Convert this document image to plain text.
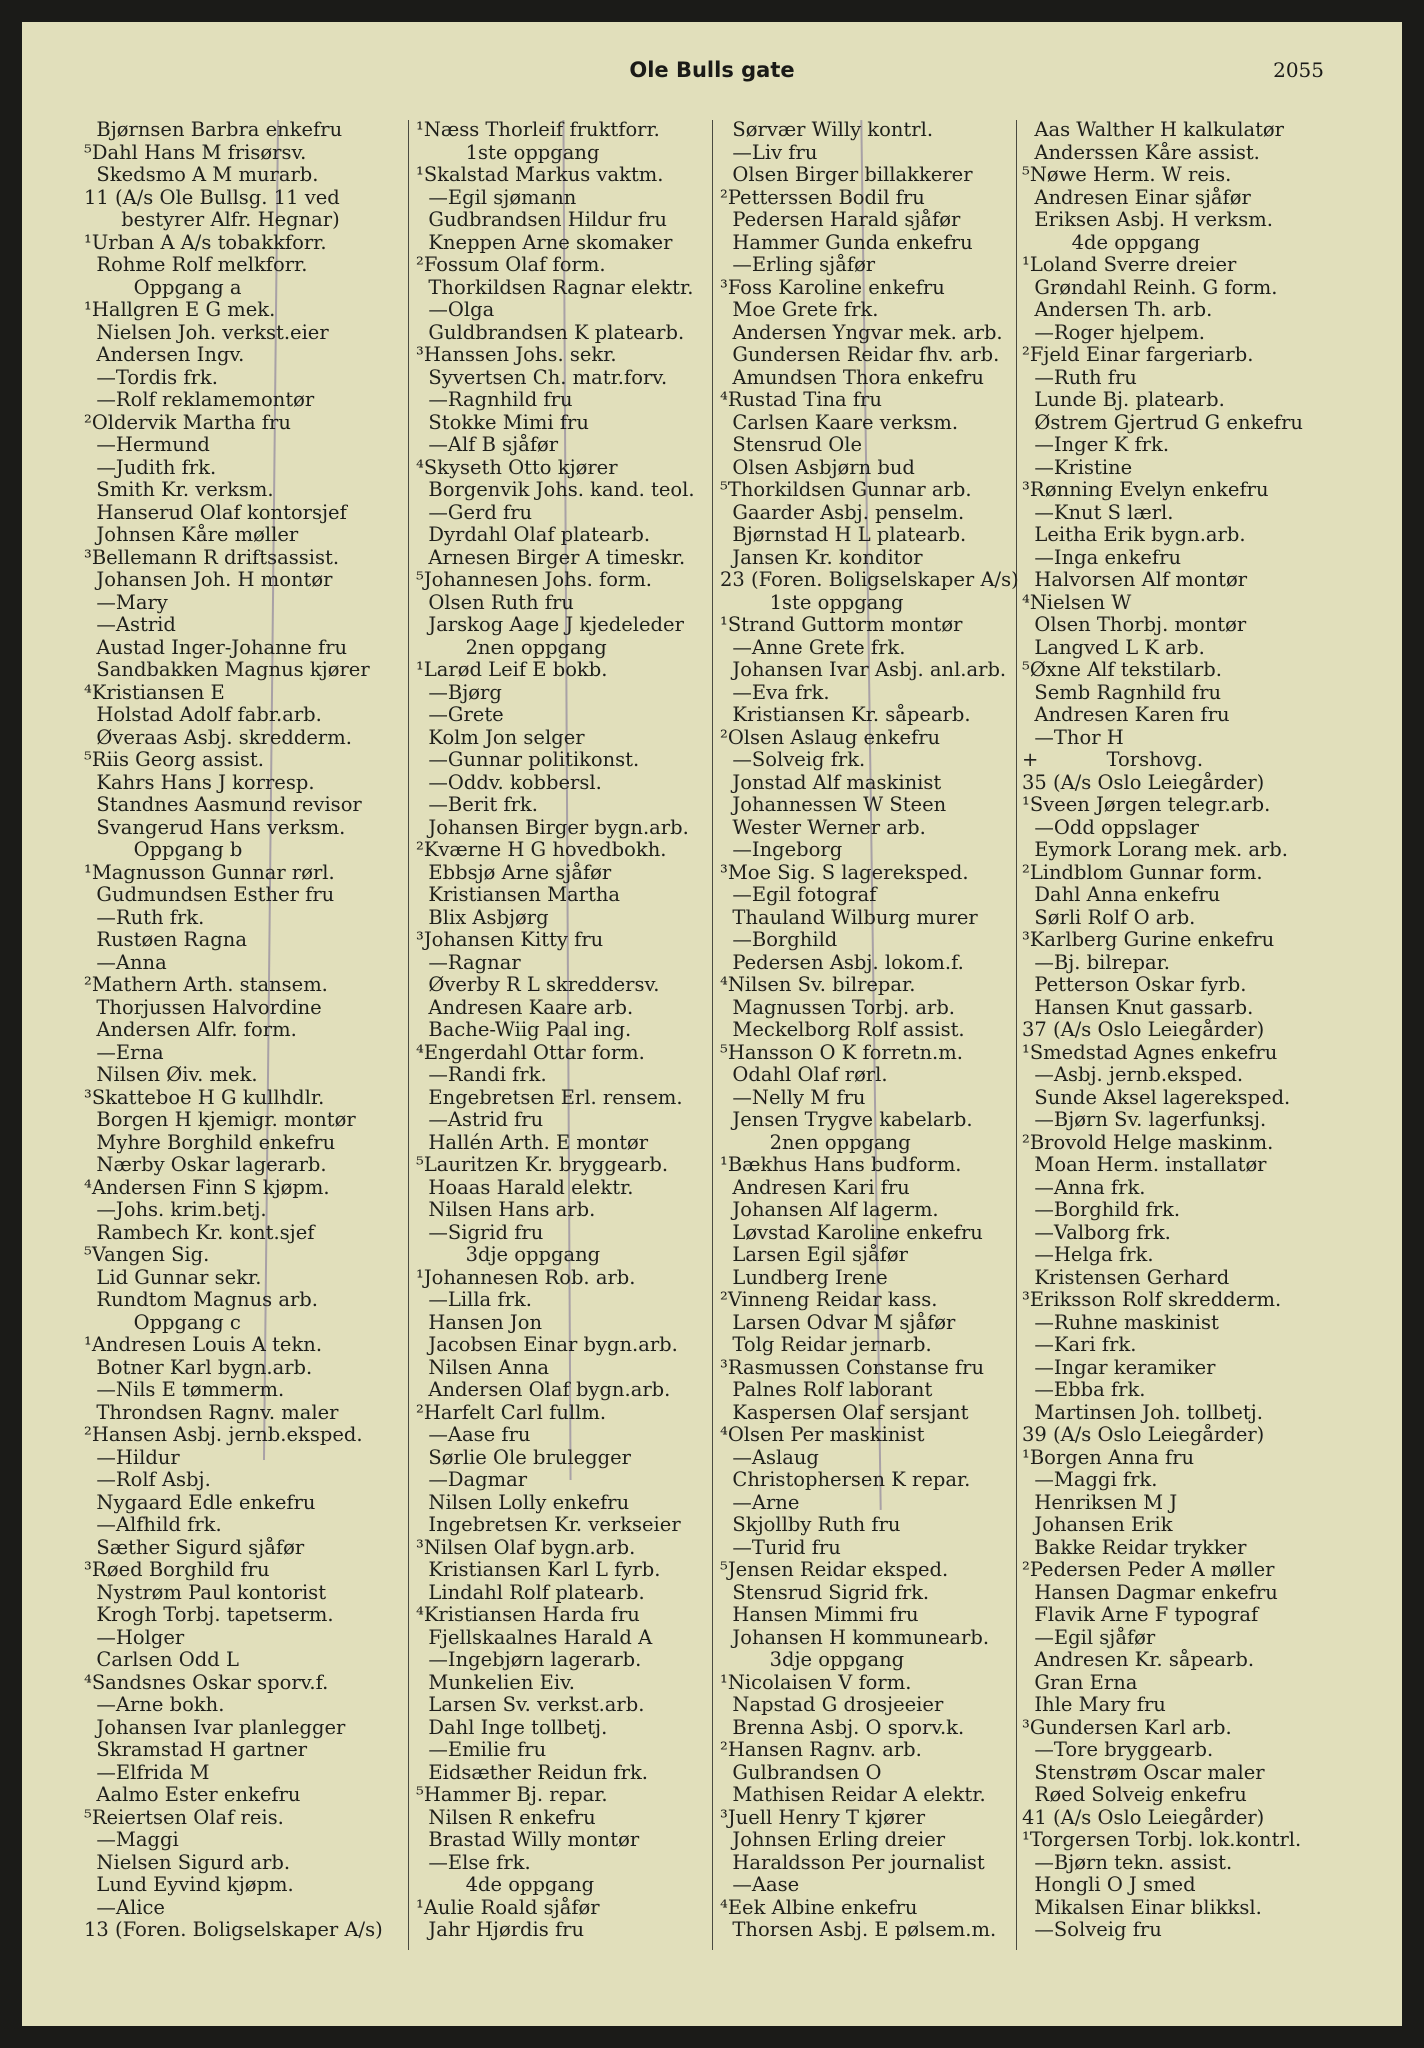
Ole Bulls gate	2055
Bjørnsen Barbra enkefru
⁵Dahl Hans M frisørsv.
Skedsmo A M murarb.
11 (A/s Ole Bullsg. 11 ved
bestyrer Alfr. Hegnar)
¹Urban A A/s tobakkforr.
Rohme Rolf melkforr.
Oppgang a
¹Hallgren E G mek.
Nielsen Joh. verkst.eier
Andersen Ingv.
—Tordis frk.
—Rolf reklamemontør
²Oldervik Martha fru
—Hermund
—Judith frk.
Smith Kr. verksm.
Hanserud Olaf kontorsjef
Johnsen Kåre møller
³Bellemann R driftsassist.
Johansen Joh. H montør
—Mary
—Astrid
Austad Inger-Johanne fru
Sandbakken Magnus kjører
⁴Kristiansen E
Holstad Adolf fabr.arb.
Øveraas Asbj. skredderm.
⁵Riis Georg assist.
Kahrs Hans J korresp.
Standnes Aasmund revisor
Svangerud Hans verksm.
Oppgang b
¹Magnusson Gunnar rørl.
Gudmundsen Esther fru
—Ruth frk.
Rustøen Ragna
—Anna
²Mathern Arth. stansem.
Thorjussen Halvordine
Andersen Alfr. form.
—Erna
Nilsen Øiv. mek.
³Skatteboe H G kullhdlr.
Borgen H kjemigr. montør
Myhre Borghild enkefru
Nærby Oskar lagerarb.
⁴Andersen Finn S kjøpm.
—Johs. krim.betj.
Rambech Kr. kont.sjef
⁵Vangen Sig.
Lid Gunnar sekr.
Rundtom Magnus arb.
Oppgang c
¹Andresen Louis A tekn.
Botner Karl bygn.arb.
—Nils E tømmerm.
Throndsen Ragnv. maler
²Hansen Asbj. jernb.eksped.
—Hildur
—Rolf Asbj.
Nygaard Edle enkefru
—Alfhild frk.
Sæther Sigurd sjåfør
³Røed Borghild fru
Nystrøm Paul kontorist
Krogh Torbj. tapetserm.
—Holger
Carlsen Odd L
⁴Sandsnes Oskar sporv.f.
—Arne bokh.
Johansen Ivar planlegger
Skramstad H gartner
—Elfrida M
Aalmo Ester enkefru
⁵Reiertsen Olaf reis.
—Maggi
Nielsen Sigurd arb.
Lund Eyvind kjøpm.
—Alice
13 (Foren. Boligselskaper A/s)
¹Næss Thorleif fruktforr.
1ste oppgang
¹Skalstad Markus vaktm.
—Egil sjømann
Gudbrandsen Hildur fru
Kneppen Arne skomaker
²Fossum Olaf form.
Thorkildsen Ragnar elektr.
—Olga
Guldbrandsen K platearb.
³Hanssen Johs. sekr.
Syvertsen Ch. matr.forv.
—Ragnhild fru
Stokke Mimi fru
—Alf B sjåfør
⁴Skyseth Otto kjører
Borgenvik Johs. kand. teol.
—Gerd fru
Dyrdahl Olaf platearb.
Arnesen Birger A timeskr.
⁵Johannesen Johs. form.
Olsen Ruth fru
Jarskog Aage J kjedeleder
2nen oppgang
¹Larød Leif E bokb.
—Bjørg
—Grete
Kolm Jon selger
—Gunnar politikonst.
—Oddv. kobbersl.
—Berit frk.
Johansen Birger bygn.arb.
²Kværne H G hovedbokh.
Ebbsjø Arne sjåfør
Kristiansen Martha
Blix Asbjørg
³Johansen Kitty fru
—Ragnar
Øverby R L skreddersv.
Andresen Kaare arb.
Bache-Wiig Paal ing.
⁴Engerdahl Ottar form.
—Randi frk.
Engebretsen Erl. rensem.
—Astrid fru
Hallén Arth. E montør
⁵Lauritzen Kr. bryggearb.
Hoaas Harald elektr.
Nilsen Hans arb.
—Sigrid fru
3dje oppgang
¹Johannesen Rob. arb.
—Lilla frk.
Hansen Jon
Jacobsen Einar bygn.arb.
Nilsen Anna
Andersen Olaf bygn.arb.
²Harfelt Carl fullm.
—Aase fru
Sørlie Ole brulegger
—Dagmar
Nilsen Lolly enkefru
Ingebretsen Kr. verkseier
³Nilsen Olaf bygn.arb.
Kristiansen Karl L fyrb.
Lindahl Rolf platearb.
⁴Kristiansen Harda fru
Fjellskaalnes Harald A
—Ingebjørn lagerarb.
Munkelien Eiv.
Larsen Sv. verkst.arb.
Dahl Inge tollbetj.
—Emilie fru
Eidsæther Reidun frk.
⁵Hammer Bj. repar.
Nilsen R enkefru
Brastad Willy montør
—Else frk.
4de oppgang
¹Aulie Roald sjåfør
Jahr Hjørdis fru
Sørvær Willy kontrl.
—Liv fru
Olsen Birger billakkerer
²Petterssen Bodil fru
Pedersen Harald sjåfør
Hammer Gunda enkefru
—Erling sjåfør
³Foss Karoline enkefru
Moe Grete frk.
Andersen Yngvar mek. arb.
Gundersen Reidar fhv. arb.
Amundsen Thora enkefru
⁴Rustad Tina fru
Carlsen Kaare verksm.
Stensrud Ole
Olsen Asbjørn bud
⁵Thorkildsen Gunnar arb.
Gaarder Asbj. penselm.
Bjørnstad H L platearb.
Jansen Kr. konditor
23 (Foren. Boligselskaper A/s)
1ste oppgang
¹Strand Guttorm montør
—Anne Grete frk.
Johansen Ivar Asbj. anl.arb.
—Eva frk.
Kristiansen Kr. såpearb.
²Olsen Aslaug enkefru
—Solveig frk.
Jonstad Alf maskinist
Johannessen W Steen
Wester Werner arb.
—Ingeborg
³Moe Sig. S lagereksped.
—Egil fotograf
Thauland Wilburg murer
—Borghild
Pedersen Asbj. lokom.f.
⁴Nilsen Sv. bilrepar.
Magnussen Torbj. arb.
Meckelborg Rolf assist.
⁵Hansson O K forretn.m.
Odahl Olaf rørl.
—Nelly M fru
Jensen Trygve kabelarb.
2nen oppgang
¹Bækhus Hans budform.
Andresen Kari fru
Johansen Alf lagerm.
Løvstad Karoline enkefru
Larsen Egil sjåfør
Lundberg Irene
²Vinneng Reidar kass.
Larsen Odvar M sjåfør
Tolg Reidar jernarb.
³Rasmussen Constanse fru
Palnes Rolf laborant
Kaspersen Olaf sersjant
⁴Olsen Per maskinist
—Aslaug
Christophersen K repar.
—Arne
Skjollby Ruth fru
—Turid fru
⁵Jensen Reidar eksped.
Stensrud Sigrid frk.
Hansen Mimmi fru
Johansen H kommunearb.
3dje oppgang
¹Nicolaisen V form.
Napstad G drosjeeier
Brenna Asbj. O sporv.k.
²Hansen Ragnv. arb.
Gulbrandsen O
Mathisen Reidar A elektr.
³Juell Henry T kjører
Johnsen Erling dreier
Haraldsson Per journalist
—Aase
⁴Eek Albine enkefru
Thorsen Asbj. E pølsem.m.
Aas Walther H kalkulatør
Anderssen Kåre assist.
⁵Nøwe Herm. W reis.
Andresen Einar sjåfør
Eriksen Asbj. H verksm.
4de oppgang
¹Loland Sverre dreier
Grøndahl Reinh. G form.
Andersen Th. arb.
—Roger hjelpem.
²Fjeld Einar fargeriarb.
—Ruth fru
Lunde Bj. platearb.
Østrem Gjertrud G enkefru
—Inger K frk.
—Kristine
³Rønning Evelyn enkefru
—Knut S lærl.
Leitha Erik bygn.arb.
—Inga enkefru
Halvorsen Alf montør
⁴Nielsen W
Olsen Thorbj. montør
Langved L K arb.
⁵Øxne Alf tekstilarb.
Semb Ragnhild fru
Andresen Karen fru
—Thor H
+           Torshovg.
35 (A/s Oslo Leiegårder)
¹Sveen Jørgen telegr.arb.
—Odd oppslager
Eymork Lorang mek. arb.
²Lindblom Gunnar form.
Dahl Anna enkefru
Sørli Rolf O arb.
³Karlberg Gurine enkefru
—Bj. bilrepar.
Petterson Oskar fyrb.
Hansen Knut gassarb.
37 (A/s Oslo Leiegårder)
¹Smedstad Agnes enkefru
—Asbj. jernb.eksped.
Sunde Aksel lagereksped.
—Bjørn Sv. lagerfunksj.
²Brovold Helge maskinm.
Moan Herm. installatør
—Anna frk.
—Borghild frk.
—Valborg frk.
—Helga frk.
Kristensen Gerhard
³Eriksson Rolf skredderm.
—Ruhne maskinist
—Kari frk.
—Ingar keramiker
—Ebba frk.
Martinsen Joh. tollbetj.
39 (A/s Oslo Leiegårder)
¹Borgen Anna fru
—Maggi frk.
Henriksen M J
Johansen Erik
Bakke Reidar trykker
²Pedersen Peder A møller
Hansen Dagmar enkefru
Flavik Arne F typograf
—Egil sjåfør
Andresen Kr. såpearb.
Gran Erna
Ihle Mary fru
³Gundersen Karl arb.
—Tore bryggearb.
Stenstrøm Oscar maler
Røed Solveig enkefru
41 (A/s Oslo Leiegårder)
¹Torgersen Torbj. lok.kontrl.
—Bjørn tekn. assist.
Hongli O J smed
Mikalsen Einar blikksl.
—Solveig fru
